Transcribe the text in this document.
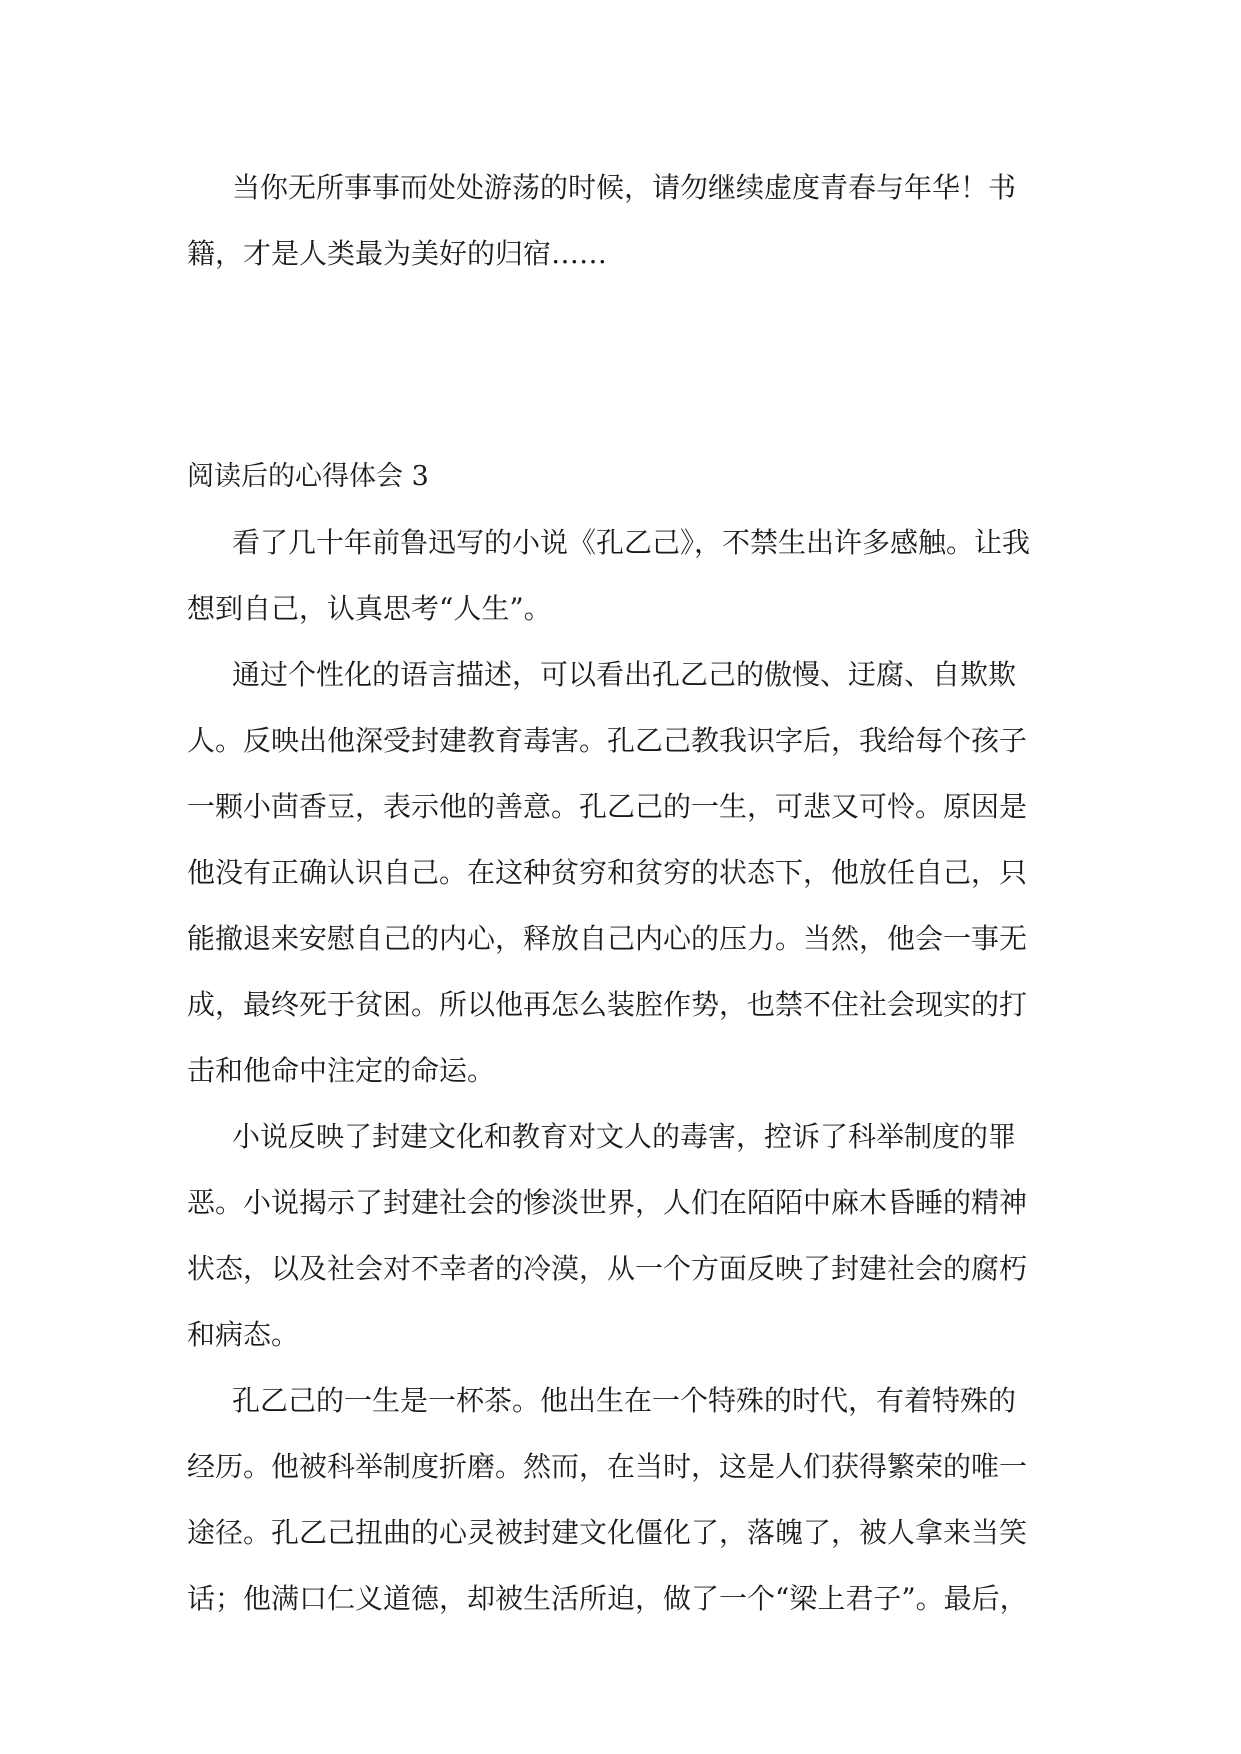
当你无所事事而处处游荡的时候，请勿继续虚度青春与年华！书
籍，才是人类最为美好的归宿……
阅读后的心得体会 3
看了几十年前鲁迅写的小说《孔乙己》，不禁生出许多感触。让我
想到自己，认真思考“人生”。
通过个性化的语言描述，可以看出孔乙己的傲慢、迂腐、自欺欺
人。反映出他深受封建教育毒害。孔乙己教我识字后，我给每个孩子
一颗小茴香豆，表示他的善意。孔乙己的一生，可悲又可怜。原因是
他没有正确认识自己。在这种贫穷和贫穷的状态下，他放任自己，只
能撤退来安慰自己的内心，释放自己内心的压力。当然，他会一事无
成，最终死于贫困。所以他再怎么装腔作势，也禁不住社会现实的打
击和他命中注定的命运。
小说反映了封建文化和教育对文人的毒害，控诉了科举制度的罪
恶。小说揭示了封建社会的惨淡世界，人们在陌陌中麻木昏睡的精神
状态，以及社会对不幸者的冷漠，从一个方面反映了封建社会的腐朽
和病态。
孔乙己的一生是一杯茶。他出生在一个特殊的时代，有着特殊的
经历。他被科举制度折磨。然而，在当时，这是人们获得繁荣的唯一
途径。孔乙己扭曲的心灵被封建文化僵化了，落魄了，被人拿来当笑
话；他满口仁义道德，却被生活所迫，做了一个“梁上君子”。最后，
